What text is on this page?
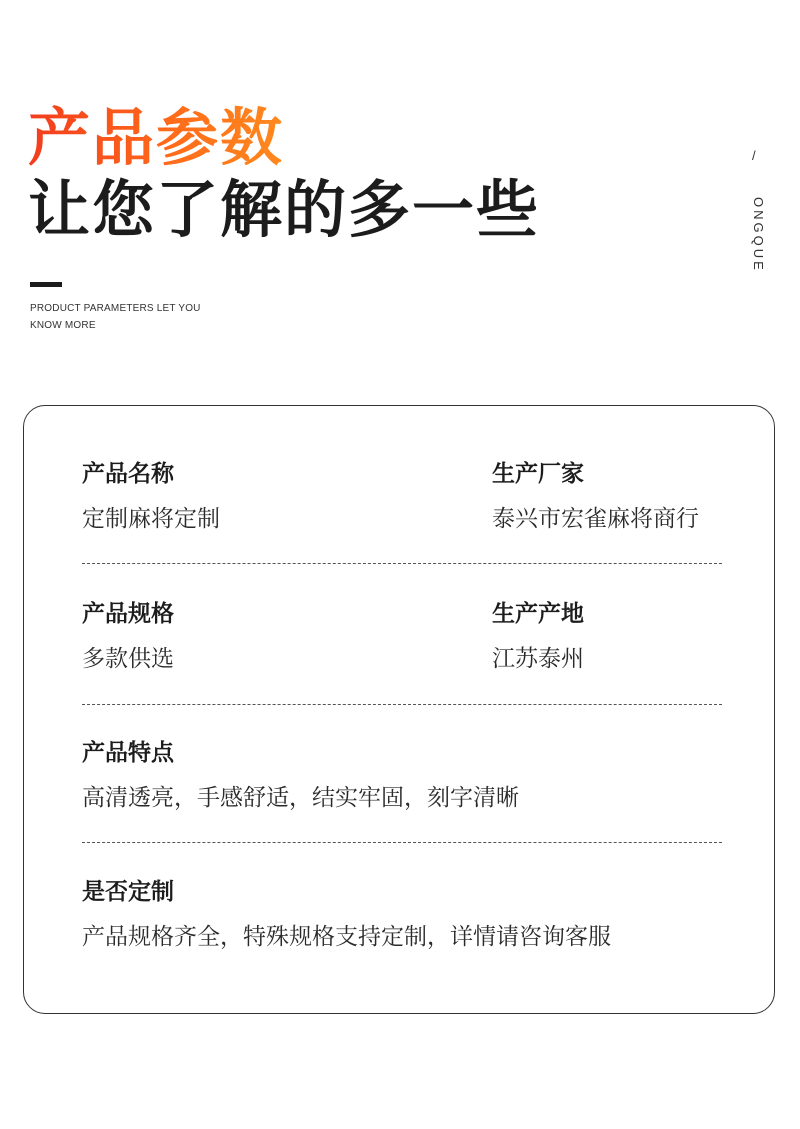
产品参数
让您了解的多一些
PRODUCT PARAMETERS LET YOU KNOW MORE
/
ONGQUE
产品名称
定制麻将定制
生产厂家
泰兴市宏雀麻将商行
产品规格
多款供选
生产产地
江苏泰州
产品特点
高清透亮，手感舒适，结实牢固，刻字清晰
是否定制
产品规格齐全，特殊规格支持定制，详情请咨询客服
